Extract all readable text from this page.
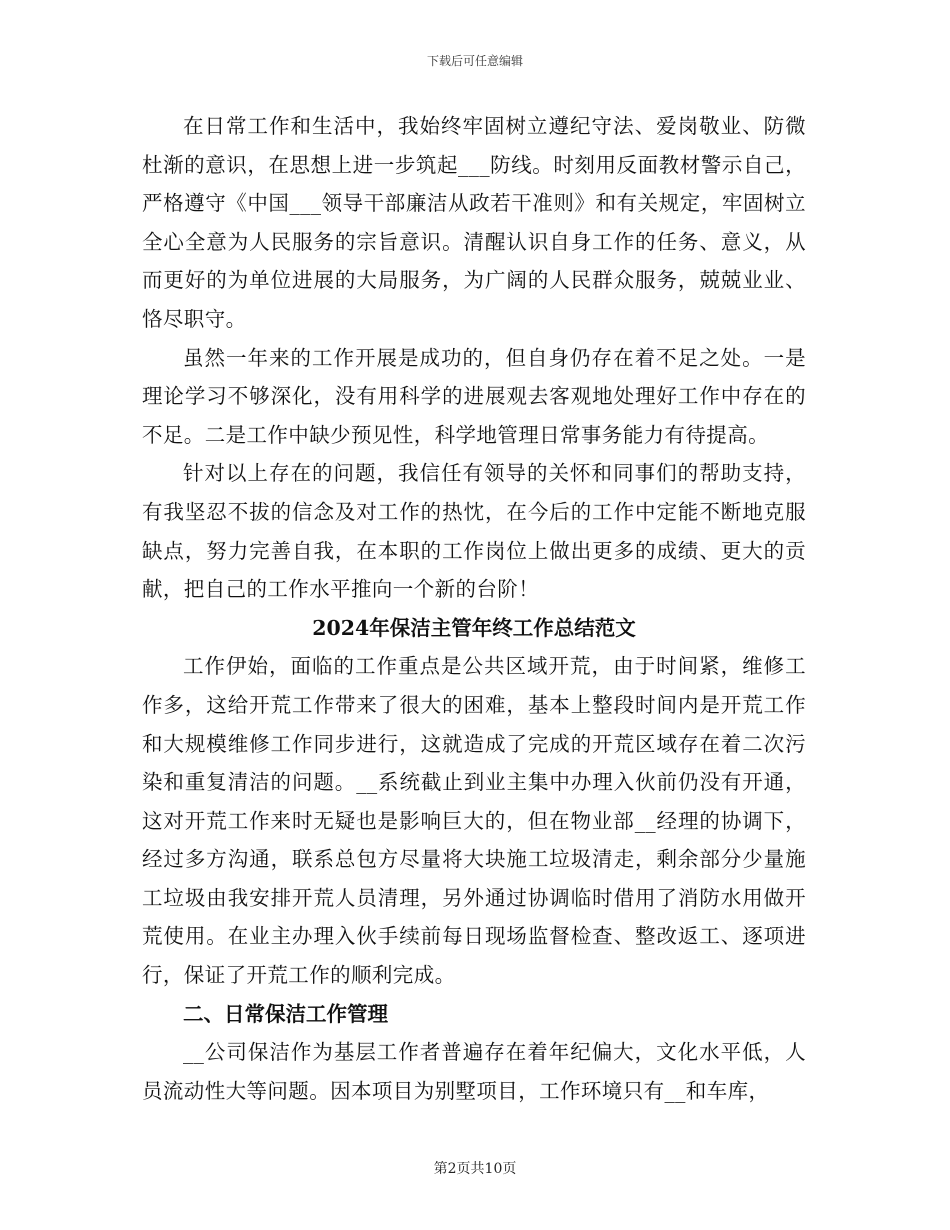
下载后可任意编辑

在日常工作和生活中，我始终牢固树立遵纪守法、爱岗敬业、防微杜渐的意识，在思想上进一步筑起___防线。时刻用反面教材警示自己，严格遵守《中国___领导干部廉洁从政若干准则》和有关规定，牢固树立全心全意为人民服务的宗旨意识。清醒认识自身工作的任务、意义，从而更好的为单位进展的大局服务，为广阔的人民群众服务，兢兢业业、恪尽职守。

虽然一年来的工作开展是成功的，但自身仍存在着不足之处。一是理论学习不够深化，没有用科学的进展观去客观地处理好工作中存在的不足。二是工作中缺少预见性，科学地管理日常事务能力有待提高。

针对以上存在的问题，我信任有领导的关怀和同事们的帮助支持，有我坚忍不拔的信念及对工作的热忱，在今后的工作中定能不断地克服缺点，努力完善自我，在本职的工作岗位上做出更多的成绩、更大的贡献，把自己的工作水平推向一个新的台阶！

2024年保洁主管年终工作总结范文

工作伊始，面临的工作重点是公共区域开荒，由于时间紧，维修工作多，这给开荒工作带来了很大的困难，基本上整段时间内是开荒工作和大规模维修工作同步进行，这就造成了完成的开荒区域存在着二次污染和重复清洁的问题。__系统截止到业主集中办理入伙前仍没有开通，这对开荒工作来时无疑也是影响巨大的，但在物业部__经理的协调下，经过多方沟通，联系总包方尽量将大块施工垃圾清走，剩余部分少量施工垃圾由我安排开荒人员清理，另外通过协调临时借用了消防水用做开荒使用。在业主办理入伙手续前每日现场监督检查、整改返工、逐项进行，保证了开荒工作的顺利完成。

二、日常保洁工作管理

__公司保洁作为基层工作者普遍存在着年纪偏大，文化水平低，人员流动性大等问题。因本项目为别墅项目，工作环境只有__和车库，

第2页共10页
